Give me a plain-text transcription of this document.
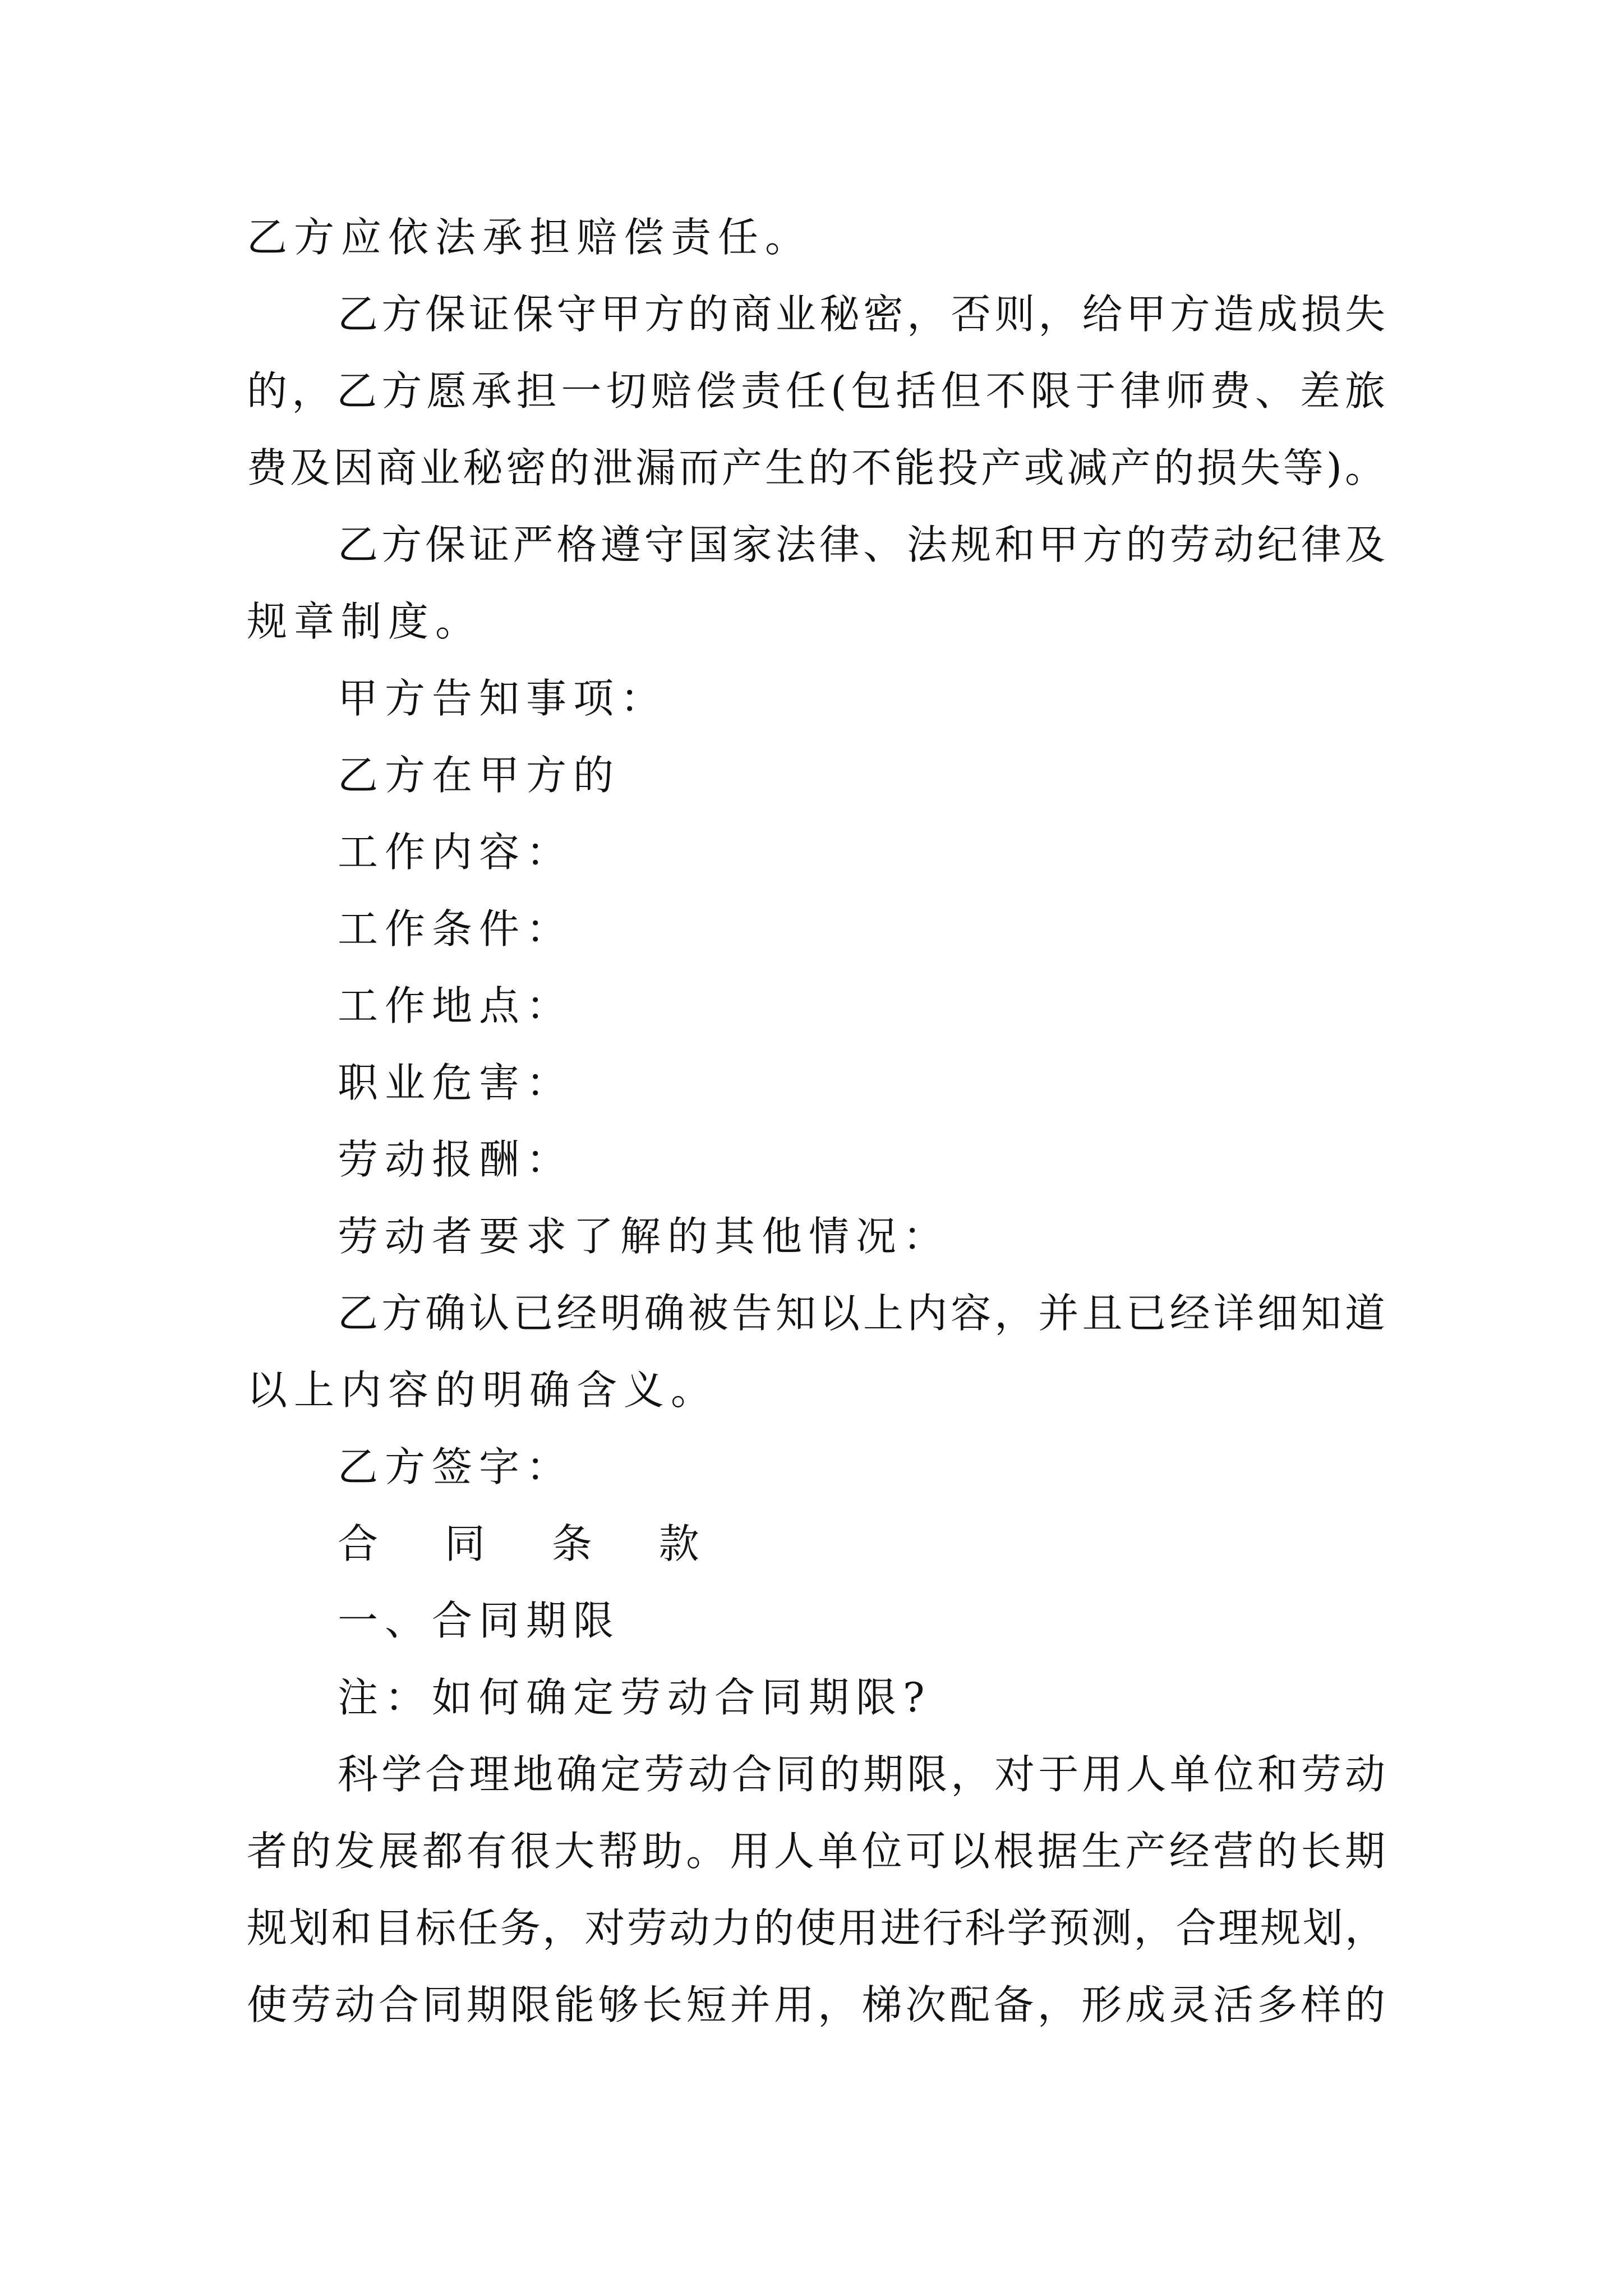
乙方应依法承担赔偿责任。
乙方保证保守甲方的商业秘密，否则，给甲方造成损失
的，乙方愿承担一切赔偿责任(包括但不限于律师费、差旅
费及因商业秘密的泄漏而产生的不能投产或减产的损失等)。
乙方保证严格遵守国家法律、法规和甲方的劳动纪律及
规章制度。
甲方告知事项：
乙方在甲方的
工作内容：
工作条件：
工作地点：
职业危害：
劳动报酬：
劳动者要求了解的其他情况：
乙方确认已经明确被告知以上内容，并且已经详细知道
以上内容的明确含义。
乙方签字：
合 同 条 款
一、合同期限
注：如何确定劳动合同期限?
科学合理地确定劳动合同的期限，对于用人单位和劳动
者的发展都有很大帮助。用人单位可以根据生产经营的长期
规划和目标任务，对劳动力的使用进行科学预测，合理规划，
使劳动合同期限能够长短并用，梯次配备，形成灵活多样的
